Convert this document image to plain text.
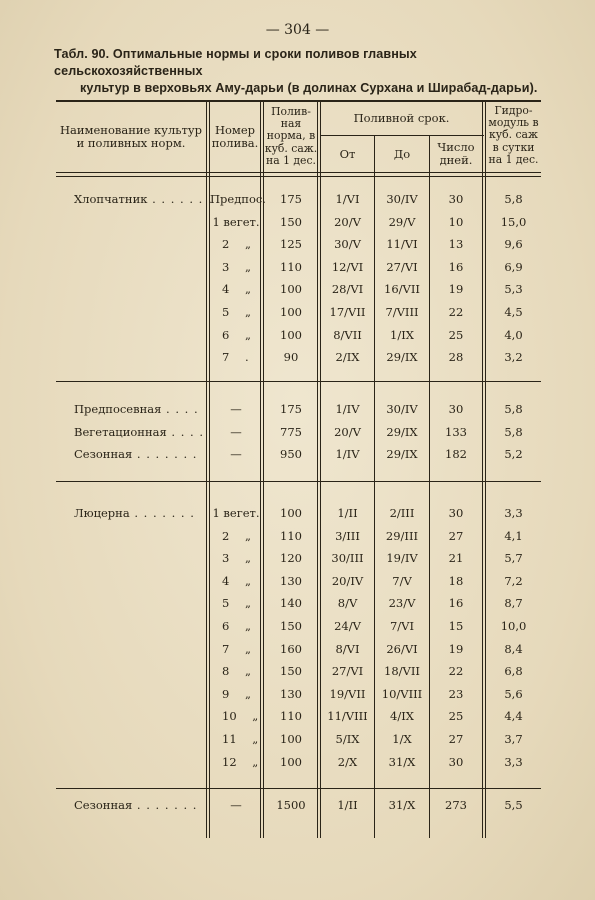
— 304 —
Табл. 90. Оптимальные нормы и сроки поливов главных сельскохозяйственных
культур в верховьях Аму-дарьи (в долинах Сурхана и Ширабад-дарьи).
Наименование культур
и поливных норм.
Номер
полива.
Полив-
ная
норма, в
куб. саж.
на 1 дес.
Поливной срок.
От	До	Число
дней.
Гидро-
модуль в
куб. саж
в сутки
на 1 дес.
Хлопчатник . . . . . . .
Предпос.	175	1/VI	30/IV	30	5,8
1 вегет.	150	20/V	29/V	10	15,0
2 „	125	30/V	11/VI	13	9,6
3 „	110	12/VI	27/VI	16	6,9
4 „	100	28/VI	16/VII	19	5,3
5 „	100	17/VII	7/VIII	22	4,5
6 „	100	8/VII	1/IX	25	4,0
7 .	90	2/IX	29/IX	28	3,2
Предпосевная . . . .	—	175	1/IV	30/IV	30	5,8
Вегетационная . . . .	—	775	20/V	29/IX	133	5,8
Сезонная . . . . . . .	—	950	1/IV	29/IX	182	5,2
Люцерна . . . . . . . 1 вегет.	100	1/II	2/III	30	3,3
2 „	110	3/III	29/III	27	4,1
3 „	120	30/III	19/IV	21	5,7
4 „	130	20/IV	7/V	18	7,2
5 „	140	8/V	23/V	16	8,7
6 „	150	24/V	7/VI	15	10,0
7 „	160	8/VI	26/VI	19	8,4
8 „	150	27/VI	18/VII	22	6,8
9 „	130	19/VII	10/VIII	23	5,6
10 „	110	11/VIII	4/IX	25	4,4
11 „	100	5/IX	1/X	27	3,7
12 „	100	2/X	31/X	30	3,3
Сезонная . . . . . . .	—	1500	1/II	31/X	273	5,5
